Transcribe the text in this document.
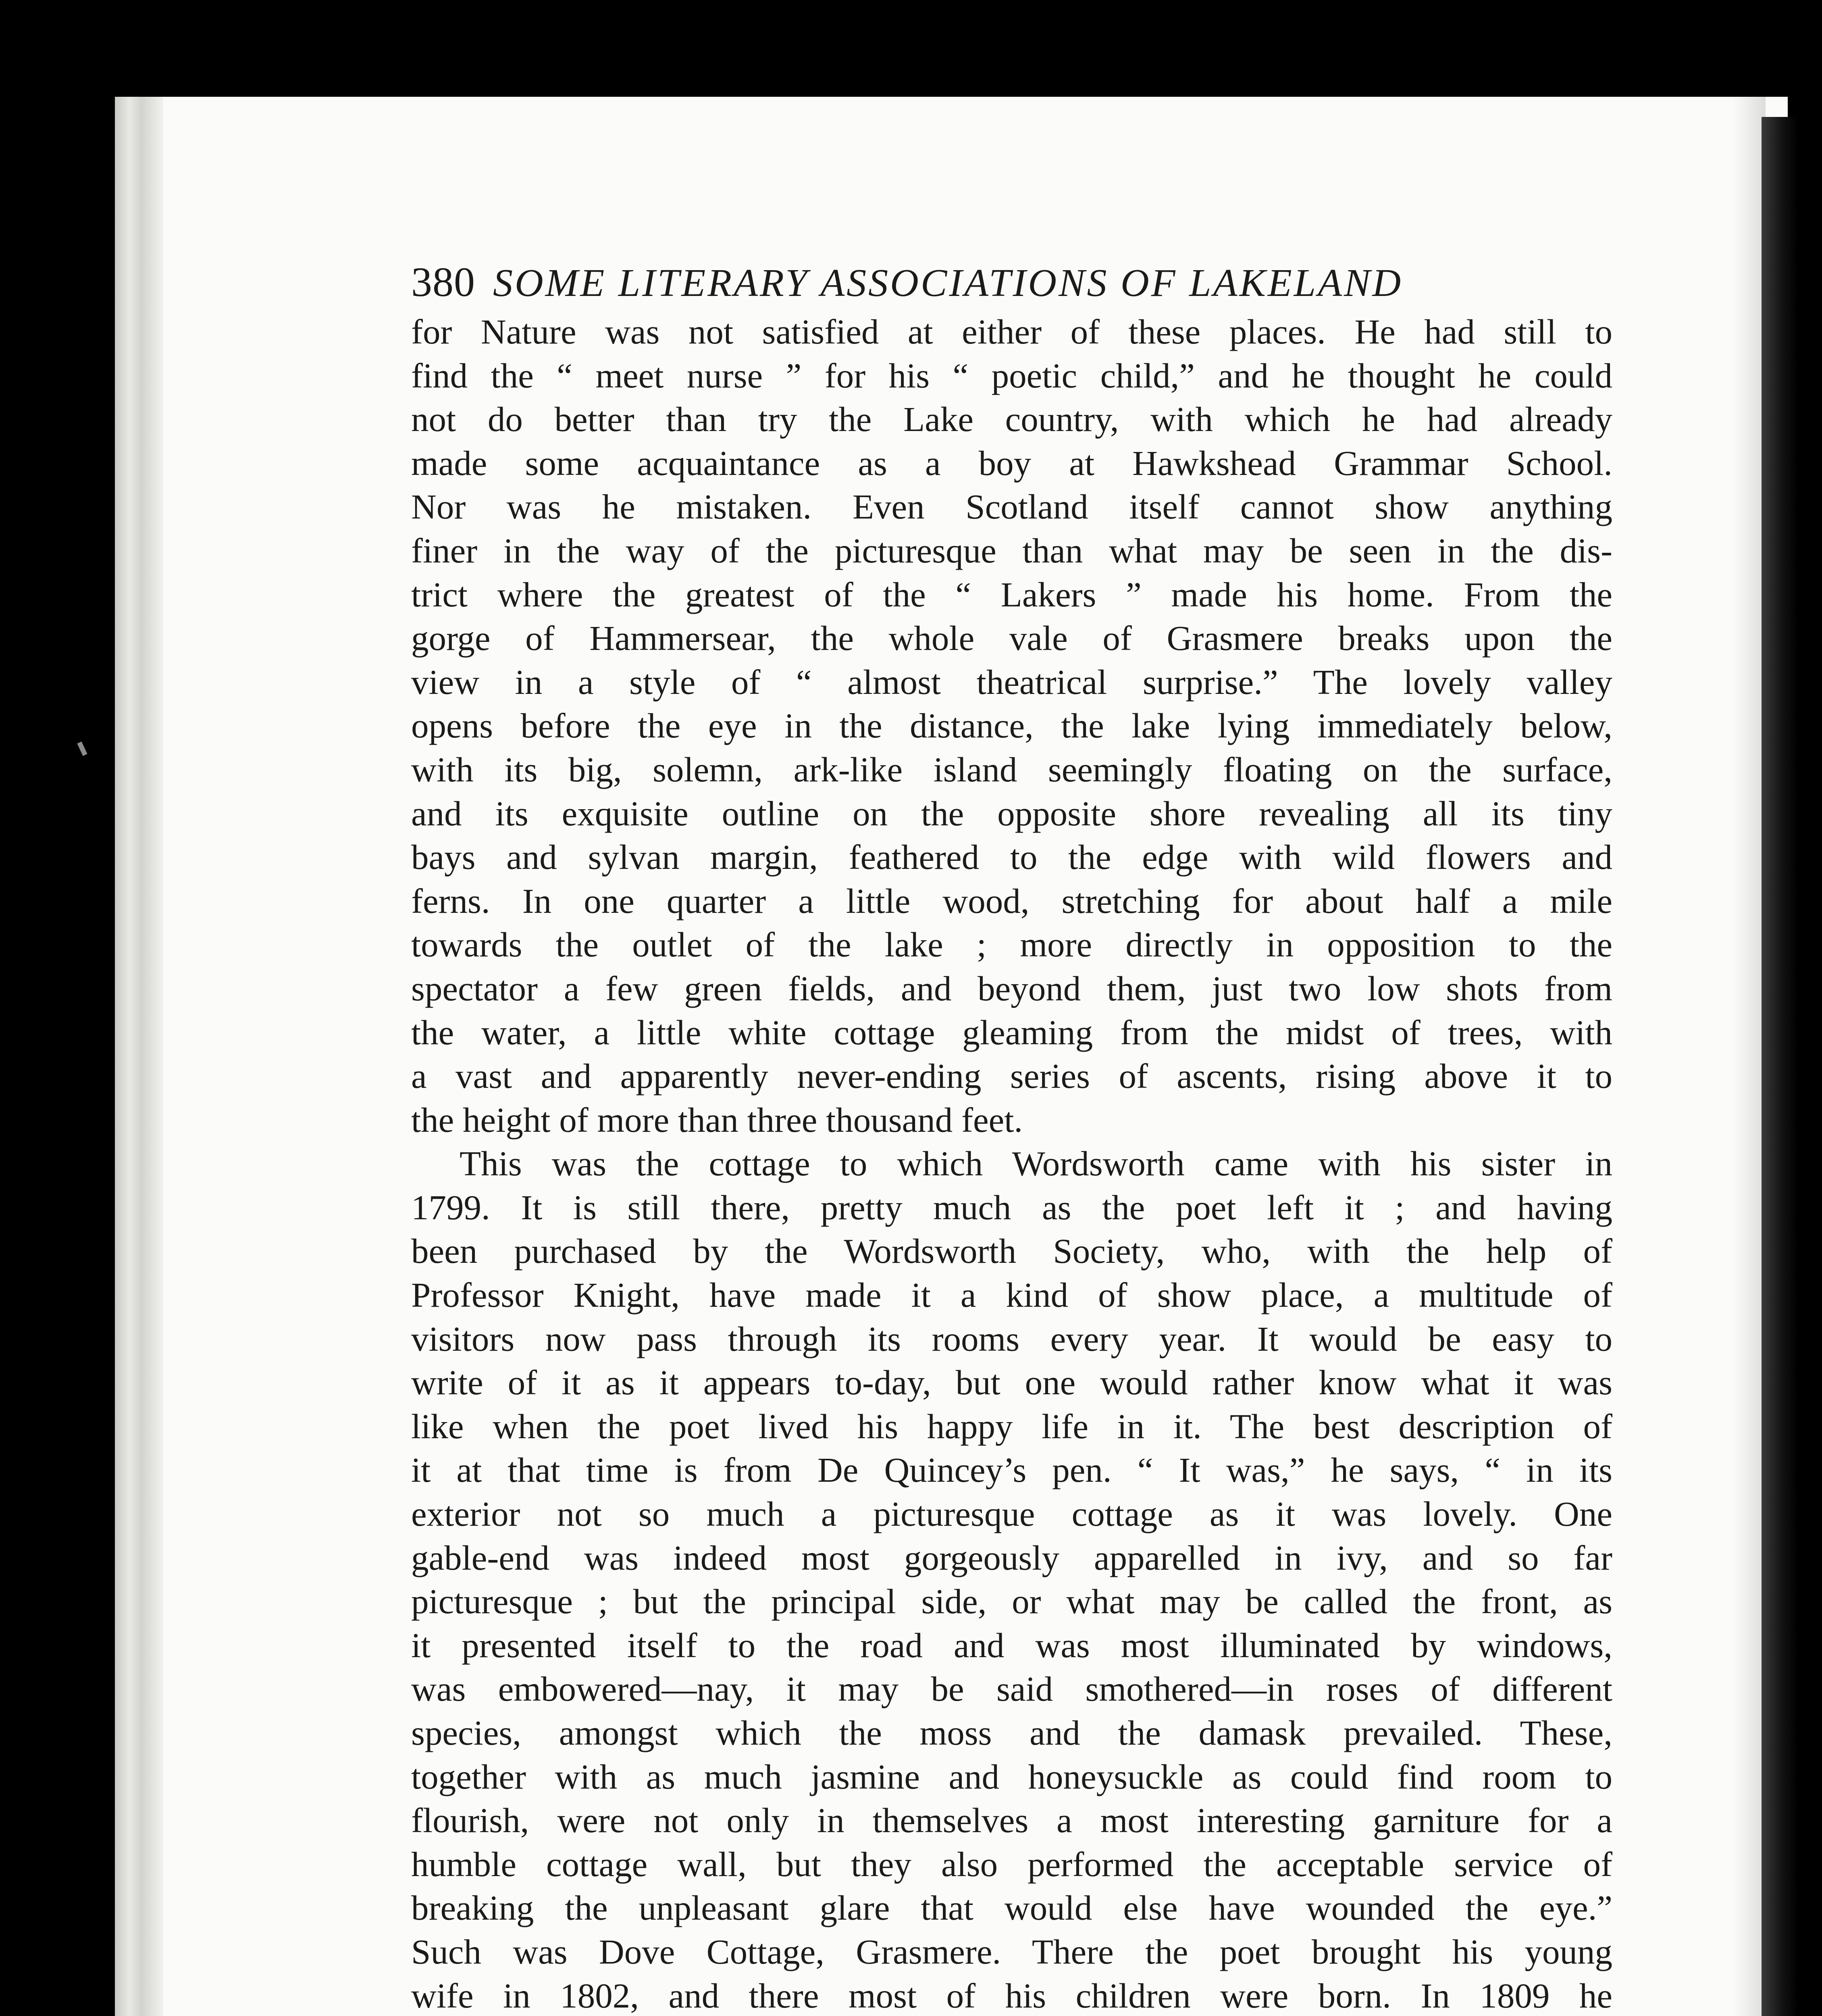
380 SOME LITERARY ASSOCIATIONS OF LAKELAND

for Nature was not satisfied at either of these places. He had still to

find the “ meet nurse ” for his “ poetic child,” and he thought he could

not do better than try the Lake country, with which he had already

made some acquaintance as a boy at Hawkshead Grammar School.

Nor was he mistaken. Even Scotland itself cannot show anything

finer in the way of the picturesque than what may be seen in the dis-

trict where the greatest of the “ Lakers ” made his home. From the

gorge of Hammersear, the whole vale of Grasmere breaks upon the

view in a style of “ almost theatrical surprise.” The lovely valley

opens before the eye in the distance, the lake lying immediately below,

with its big, solemn, ark-like island seemingly floating on the surface,

and its exquisite outline on the opposite shore revealing all its tiny

bays and sylvan margin, feathered to the edge with wild flowers and

ferns. In one quarter a little wood, stretching for about half a mile

towards the outlet of the lake ; more directly in opposition to the

spectator a few green fields, and beyond them, just two low shots from

the water, a little white cottage gleaming from the midst of trees, with

a vast and apparently never-ending series of ascents, rising above it to

the height of more than three thousand feet.

This was the cottage to which Wordsworth came with his sister in

1799. It is still there, pretty much as the poet left it ; and having

been purchased by the Wordsworth Society, who, with the help of

Professor Knight, have made it a kind of show place, a multitude of

visitors now pass through its rooms every year. It would be easy to

write of it as it appears to-day, but one would rather know what it was

like when the poet lived his happy life in it. The best description of

it at that time is from De Quincey’s pen. “ It was,” he says, “ in its

exterior not so much a picturesque cottage as it was lovely. One

gable-end was indeed most gorgeously apparelled in ivy, and so far

picturesque ; but the principal side, or what may be called the front, as

it presented itself to the road and was most illuminated by windows,

was embowered—nay, it may be said smothered—in roses of different

species, amongst which the moss and the damask prevailed. These,

together with as much jasmine and honeysuckle as could find room to

flourish, were not only in themselves a most interesting garniture for a

humble cottage wall, but they also performed the acceptable service of

breaking the unpleasant glare that would else have wounded the eye.”

Such was Dove Cottage, Grasmere. There the poet brought his young

wife in 1802, and there most of his children were born. In 1809 he
